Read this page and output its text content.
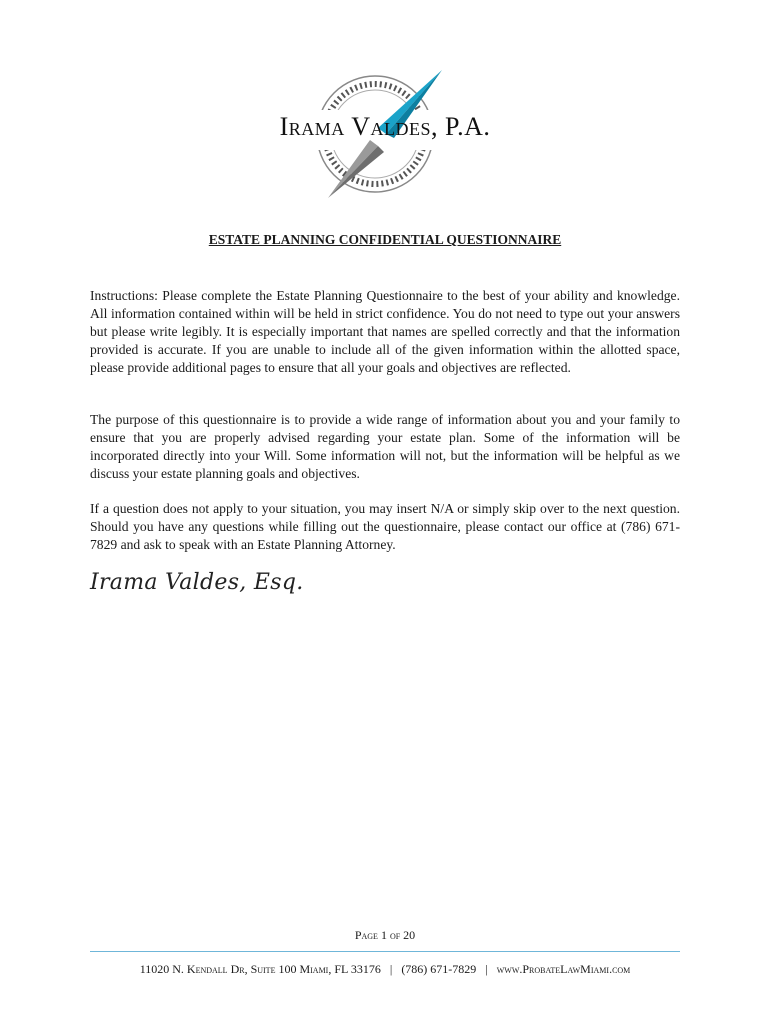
Irama Valdes, P.A.
ESTATE PLANNING CONFIDENTIAL QUESTIONNAIRE

Instructions: Please complete the Estate Planning Questionnaire to the best of your ability and knowledge. All information contained within will be held in strict confidence. You do not need to type out your answers but please write legibly. It is especially important that names are spelled correctly and that the information provided is accurate. If you are unable to include all of the given information within the allotted space, please provide additional pages to ensure that all your goals and objectives are reflected.

The purpose of this questionnaire is to provide a wide range of information about you and your family to ensure that you are properly advised regarding your estate plan. Some of the information will be incorporated directly into your Will. Some information will not, but the information will be helpful as we discuss your estate planning goals and objectives.

If a question does not apply to your situation, you may insert N/A or simply skip over to the next question. Should you have any questions while filling out the questionnaire, please contact our office at (786) 671-7829 and ask to speak with an Estate Planning Attorney.

Irama Valdes, Esq.
Page 1 of 20
11020 N. Kendall Dr, Suite 100 Miami, FL 33176 | (786) 671-7829 | www.ProbateLawMiami.com
